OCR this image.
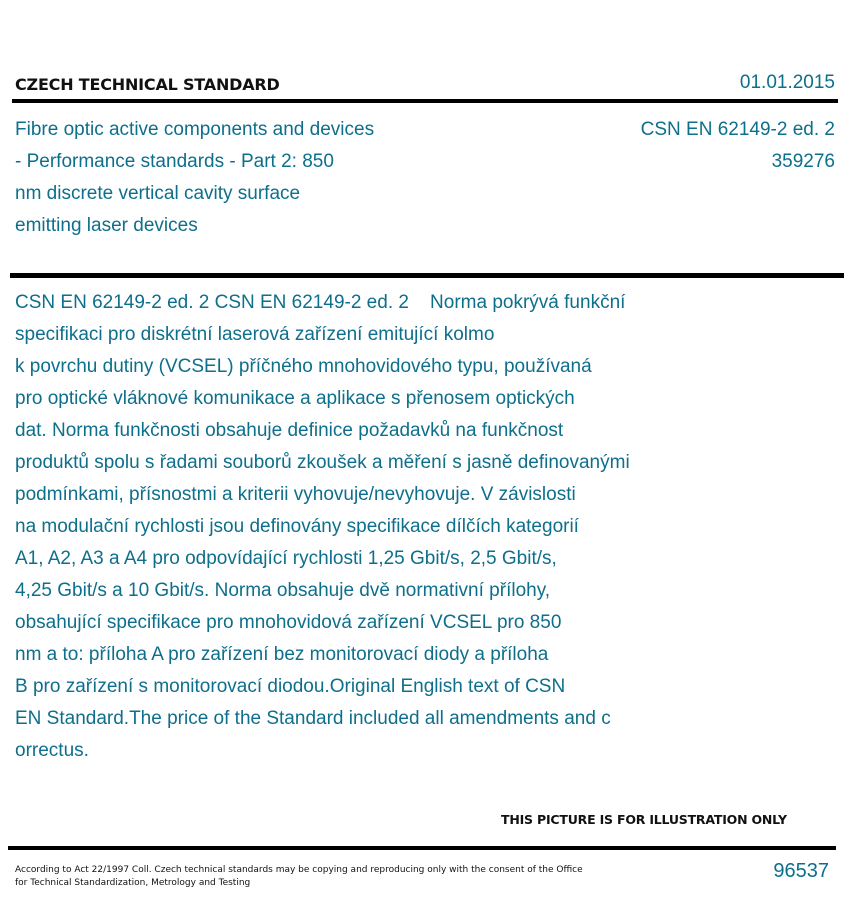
CZECH TECHNICAL STANDARD	01.01.2015
Fibre optic active components and devices
- Performance standards - Part 2: 850
nm discrete vertical cavity surface
emitting laser devices
CSN EN 62149-2 ed. 2
359276
CSN EN 62149-2 ed. 2 CSN EN 62149-2 ed. 2    Norma pokrývá funkční
specifikaci pro diskrétní laserová zařízení emitující kolmo
k povrchu dutiny (VCSEL) příčného mnohovidového typu, používaná
pro optické vláknové komunikace a aplikace s přenosem optických
dat. Norma funkčnosti obsahuje definice požadavků na funkčnost
produktů spolu s řadami souborů zkoušek a měření s jasně definovanými
podmínkami, přísnostmi a kriterii vyhovuje/nevyhovuje. V závislosti
na modulační rychlosti jsou definovány specifikace dílčích kategorií
A1, A2, A3 a A4 pro odpovídající rychlosti 1,25 Gbit/s, 2,5 Gbit/s,
4,25 Gbit/s a 10 Gbit/s. Norma obsahuje dvě normativní přílohy,
obsahující specifikace pro mnohovidová zařízení VCSEL pro 850
nm a to: příloha A pro zařízení bez monitorovací diody a příloha
B pro zařízení s monitorovací diodou.Original English text of CSN
EN Standard.The price of the Standard included all amendments and c
orrectus.
THIS PICTURE IS FOR ILLUSTRATION ONLY
According to Act 22/1997 Coll. Czech technical standards may be copying and reproducing only with the consent of the Office
for Technical Standardization, Metrology and Testing
96537
